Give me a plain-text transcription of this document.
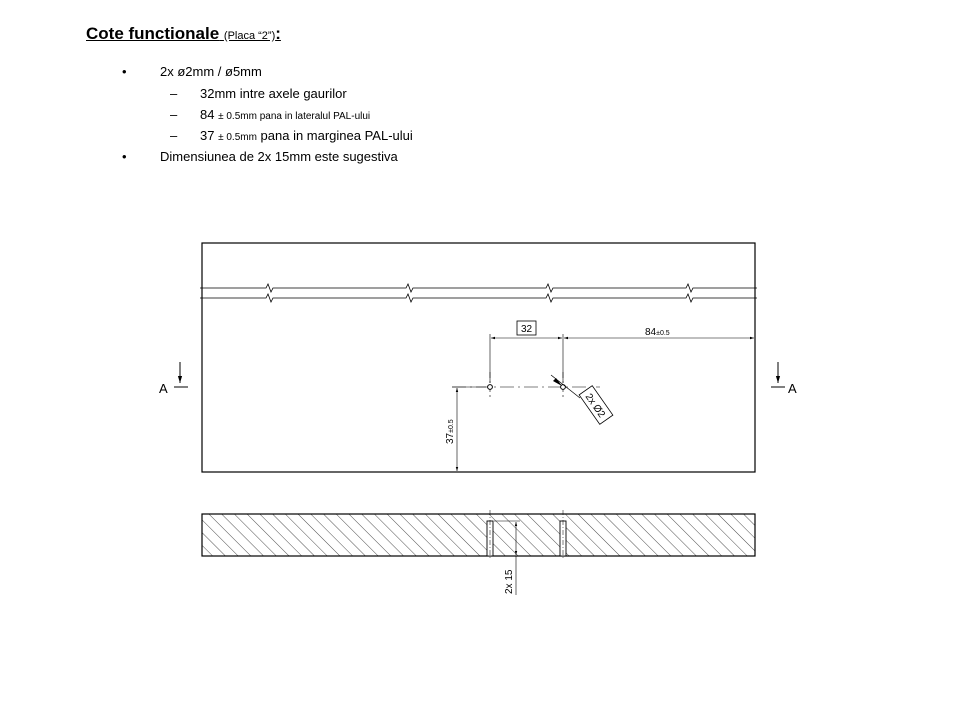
Cote functionale (Placa “2”):
•	2x ø2mm / ø5mm
– 32mm intre axele gaurilor
– 84 ± 0.5mm pana in lateralul PAL-ului
– 37 ± 0.5mm pana in marginea PAL-ului
•	Dimensiunea de 2x 15mm este sugestiva
32	84±0.5
37±0.5
2x Ø2
A	A
2x 15
